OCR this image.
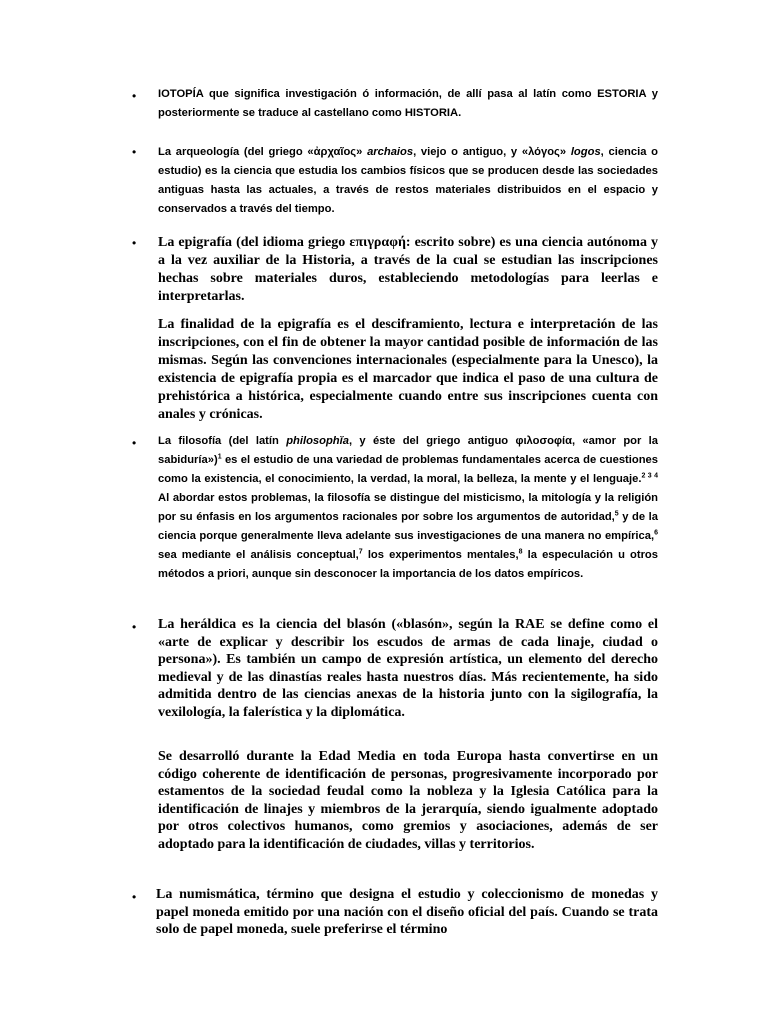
• IOTOPÍA que significa investigación ó información, de allí pasa al latín como ESTORIA y posteriormente se traduce al castellano como HISTORIA.

• La arqueología (del griego «ἀρχαῖος» archaios, viejo o antiguo, y «λόγος» logos, ciencia o estudio) es la ciencia que estudia los cambios físicos que se producen desde las sociedades antiguas hasta las actuales, a través de restos materiales distribuidos en el espacio y conservados a través del tiempo.

• La epigrafía (del idioma griego επιγραφή: escrito sobre) es una ciencia autónoma y a la vez auxiliar de la Historia, a través de la cual se estudian las inscripciones hechas sobre materiales duros, estableciendo metodologías para leerlas e interpretarlas.

La finalidad de la epigrafía es el desciframiento, lectura e interpretación de las inscripciones, con el fin de obtener la mayor cantidad posible de información de las mismas. Según las convenciones internacionales (especialmente para la Unesco), la existencia de epigrafía propia es el marcador que indica el paso de una cultura de prehistórica a histórica, especialmente cuando entre sus inscripciones cuenta con anales y crónicas.

• La filosofía (del latín philosophĭa, y éste del griego antiguo φιλοσοφία, «amor por la sabiduría»)$^1$ es el estudio de una variedad de problemas fundamentales acerca de cuestiones como la existencia, el conocimiento, la verdad, la moral, la belleza, la mente y el lenguaje.$^{2 3 4}$ Al abordar estos problemas, la filosofía se distingue del misticismo, la mitología y la religión por su énfasis en los argumentos racionales por sobre los argumentos de autoridad,$^5$ y de la ciencia porque generalmente lleva adelante sus investigaciones de una manera no empírica,$^6$ sea mediante el análisis conceptual,$^7$ los experimentos mentales,$^8$ la especulación u otros métodos a priori, aunque sin desconocer la importancia de los datos empíricos.

• La heráldica es la ciencia del blasón («blasón», según la RAE se define como el «arte de explicar y describir los escudos de armas de cada linaje, ciudad o persona»). Es también un campo de expresión artística, un elemento del derecho medieval y de las dinastías reales hasta nuestros días. Más recientemente, ha sido admitida dentro de las ciencias anexas de la historia junto con la sigilografía, la vexilología, la falerística y la diplomática.

Se desarrolló durante la Edad Media en toda Europa hasta convertirse en un código coherente de identificación de personas, progresivamente incorporado por estamentos de la sociedad feudal como la nobleza y la Iglesia Católica para la identificación de linajes y miembros de la jerarquía, siendo igualmente adoptado por otros colectivos humanos, como gremios y asociaciones, además de ser adoptado para la identificación de ciudades, villas y territorios.

• La numismática, término que designa el estudio y coleccionismo de monedas y papel moneda emitido por una nación con el diseño oficial del país. Cuando se trata solo de papel moneda, suele preferirse el término
